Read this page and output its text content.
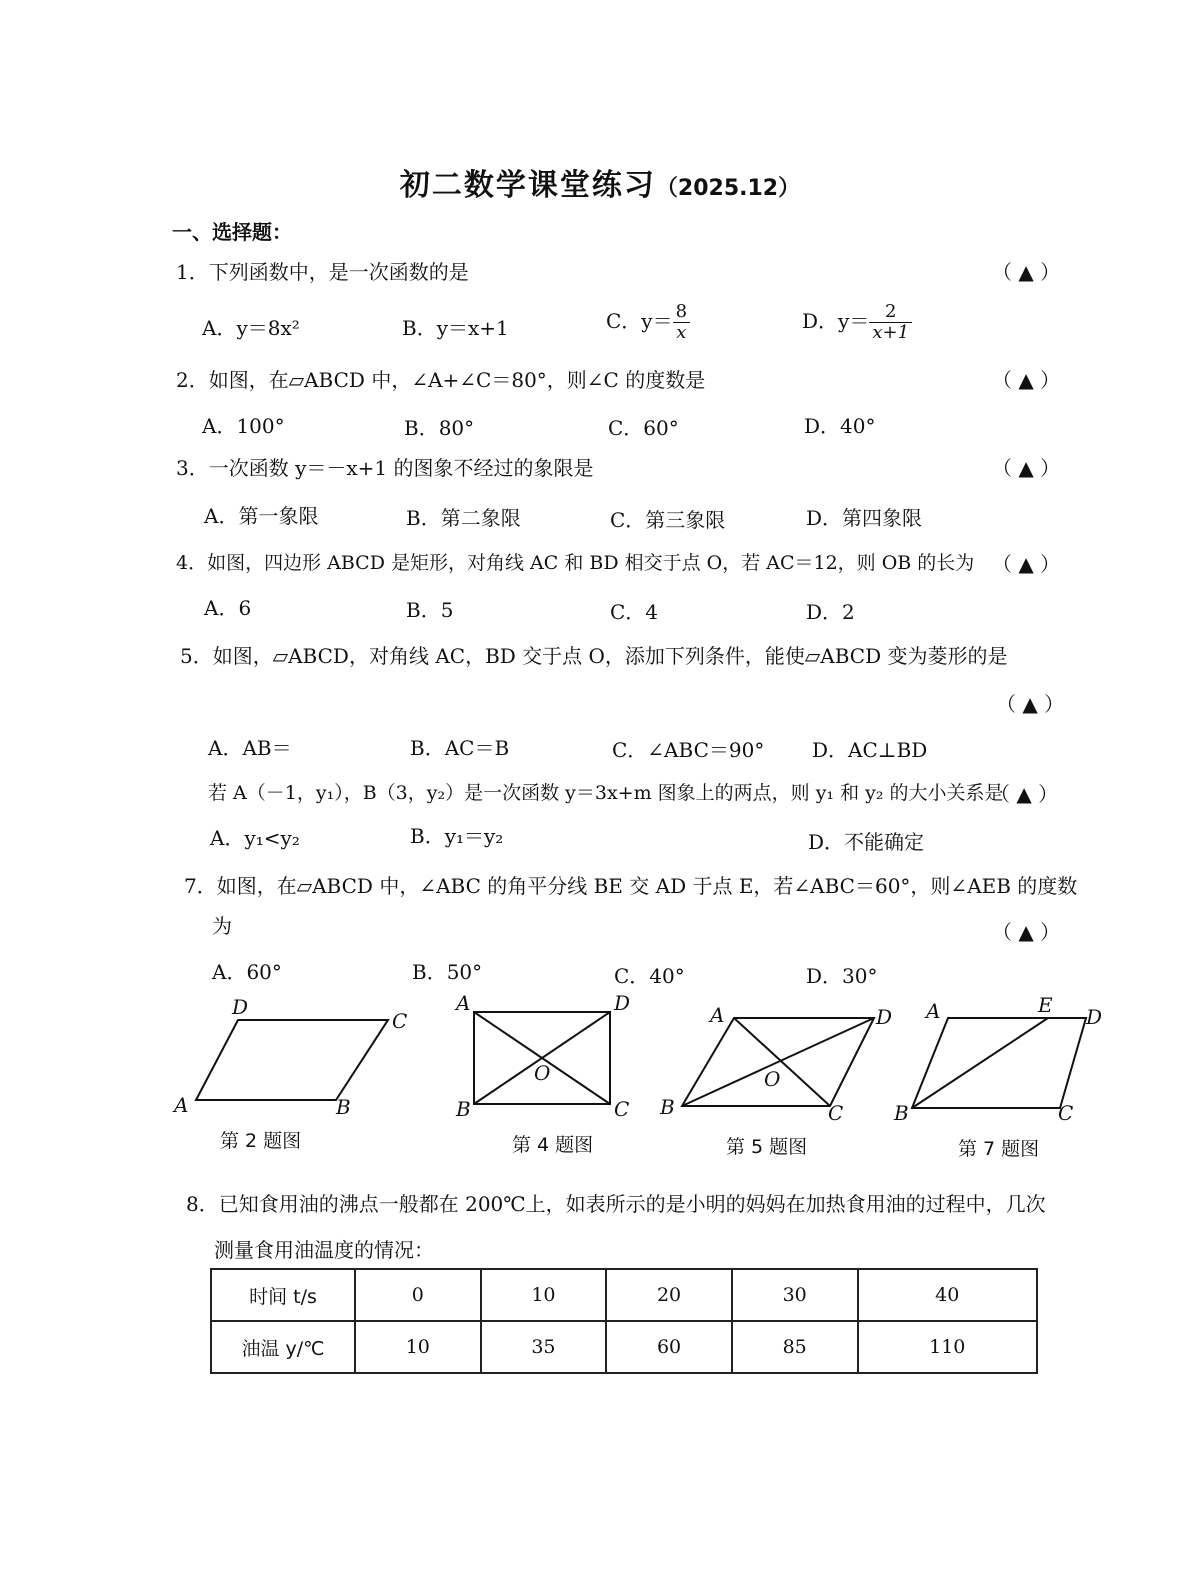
初二数学课堂练习（2025.12）
一、选择题：
1．下列函数中，是一次函数的是	（ ▲ ）
A．y＝8x²	B．y＝x+1	C．$y= \frac{8}{x}$	D．$y= \frac{2}{x+1}$
2．如图，在▱ABCD 中，∠A+∠C＝80°，则∠C 的度数是	（ ▲ ）
A．100°	B．80°	C．60°	D．40°
3．一次函数 y＝－x+1 的图象不经过的象限是	（ ▲ ）
A．第一象限	B．第二象限	C．第三象限	D．第四象限
4．如图，四边形 ABCD 是矩形，对角线 AC 和 BD 相交于点 O，若 AC＝12，则 OB 的长为 （ ▲ ）
A．6	B．5	C．4	D．2
5．如图，▱ABCD，对角线 AC，BD 交于点 O，添加下列条件，能使▱ABCD 变为菱形的是
（ ▲ ）
A．AB＝	B．AC＝B	C．∠ABC＝90° D．AC⊥BD
若 A（－1，y₁），B（3，y₂）是一次函数 y＝3x+m 图象上的两点，则 y₁ 和 y₂ 的大小关系是
（ ▲ ）
A．y₁<y₂	B．y₁＝y₂	D．不能确定
7．如图，在▱ABCD 中，∠ABC 的角平分线 BE 交 AD 于点 E，若∠ABC＝60°，则∠AEB 的度数
为	（ ▲ ）
A．60°	B．50°	C．40°	D．30°
D
C
A	B
A	D
B	C
O
A	D
B	C
O
A	E D
B	C
第 2 题图	第 4 题图	第 5 题图	第 7 题图
8．已知食用油的沸点一般都在 200℃上，如表所示的是小明的妈妈在加热食用油的过程中，几次
测量食用油温度的情况：
时间 t/s	0	10	20	30	40
油温 y/℃	10	35	60	85	110
